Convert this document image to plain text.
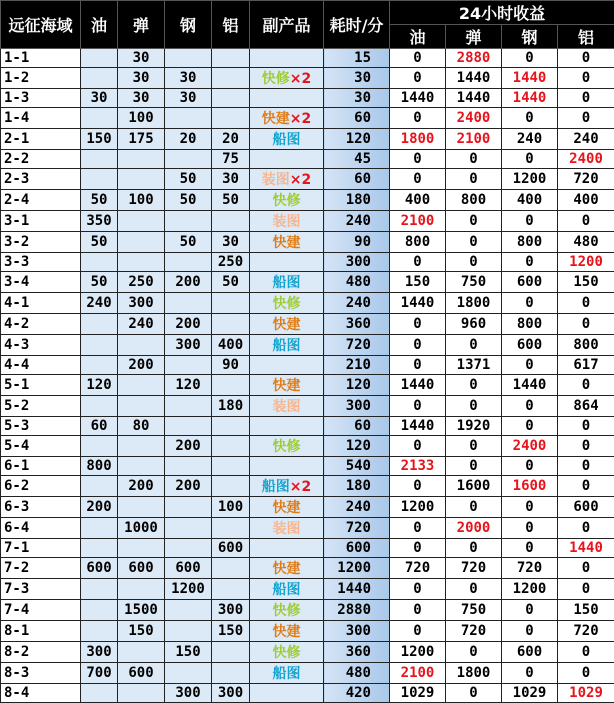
远征海域	油	弹	钢	铝	副产品	耗时/分	24小时收益			
							油	弹	钢	铝
1-1		30				15	0	2880	0	0
1-2		30	30		快修×2	30	0	1440	1440	0
1-3	30	30	30			30	1440	1440	1440	0
1-4		100			快建×2	60	0	2400	0	0
2-1	150	175	20	20	船图	120	1800	2100	240	240
2-2				75		45	0	0	0	2400
2-3			50	30	装图×2	60	0	0	1200	720
2-4	50	100	50	50	快修	180	400	800	400	400
3-1	350				装图	240	2100	0	0	0
3-2	50		50	30	快建	90	800	0	800	480
3-3				250		300	0	0	0	1200
3-4	50	250	200	50	船图	480	150	750	600	150
4-1	240	300			快修	240	1440	1800	0	0
4-2		240	200		快建	360	0	960	800	0
4-3			300	400	船图	720	0	0	600	800
4-4		200		90		210	0	1371	0	617
5-1	120		120		快建	120	1440	0	1440	0
5-2				180	装图	300	0	0	0	864
5-3	60	80				60	1440	1920	0	0
5-4			200		快修	120	0	0	2400	0
6-1	800					540	2133	0	0	0
6-2		200	200		船图×2	180	0	1600	1600	0
6-3	200			100	快建	240	1200	0	0	600
6-4		1000			装图	720	0	2000	0	0
7-1				600		600	0	0	0	1440
7-2	600	600	600		快建	1200	720	720	720	0
7-3			1200		船图	1440	0	0	1200	0
7-4		1500		300	快修	2880	0	750	0	150
8-1		150		150	快建	300	0	720	0	720
8-2	300		150		快修	360	1200	0	600	0
8-3	700	600			船图	480	2100	1800	0	0
8-4			300	300		420	1029	0	1029	1029
